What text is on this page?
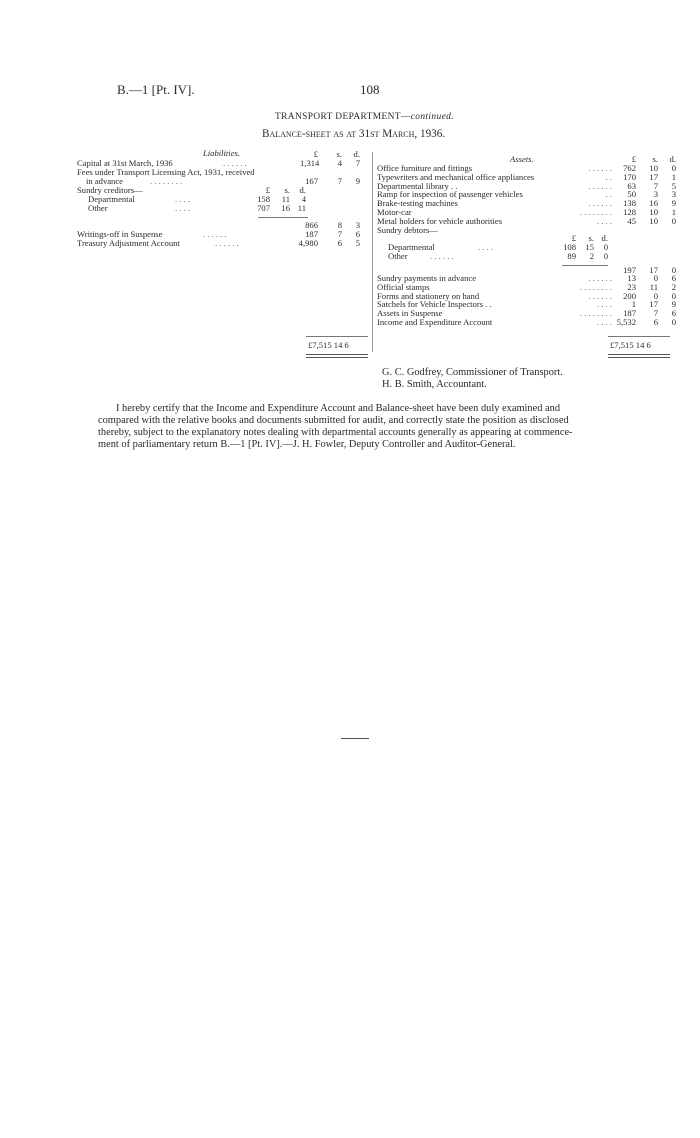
B.—1 [Pt. IV].	108
TRANSPORT DEPARTMENT—continued.
Balance-sheet as at 31st March, 1936.
Liabilities.	£ s. d.
Capital at 31st March, 1936	. . . . . .	1,314 4 7
Fees under Transport Licensing Act, 1931, received
in advance	. . . . . . . .	167 7 9
Sundry creditors—	£ s. d.
Departmental	. . . .	158 11 4
Other	. . . .	707 16 11
866 8 3
Writings-off in Suspense	. . . . . .	187 7 6
Treasury Adjustment Account	. . . . . .	4,980 6 5
£7,515 14 6
Assets.	£ s. d.
Office furniture and fittings	. . . . . .	762 10 0
Typewriters and mechanical office appliances	. .	170 17 1
Departmental library . .	. . . . . .	63 7 5
Ramp for inspection of passenger vehicles	. .	50 3 3
Brake-testing machines	. . . . . .	138 16 9
Motor-car	. . . . . . . .	128 10 1
Metal holders for vehicle authorities	. . . .	45 10 0
Sundry debtors—
£ s. d.
Departmental	. . . .	108 15 0
Other	. . . . . .	89 2 0
197 17 0
Sundry payments in advance	. . . . . .	13 0 6
Official stamps	. . . . . . . .	23 11 2
Forms and stationery on hand	. . . . . .	200 0 0
Satchels for Vehicle Inspectors . .	. . . .	1 17 9
Assets in Suspense	. . . . . . . .	187 7 6
Income and Expenditure Account	. . . . 5,532 6 0
£7,515 14 6
G. C. Godfrey, Commissioner of Transport.
H. B. Smith, Accountant.
I hereby certify that the Income and Expenditure Account and Balance-sheet have been duly examined and
compared with the relative books and documents submitted for audit, and correctly state the position as disclosed
thereby, subject to the explanatory notes dealing with departmental accounts generally as appearing at commence-
ment of parliamentary return B.—1 [Pt. IV].—J. H. Fowler, Deputy Controller and Auditor-General.
